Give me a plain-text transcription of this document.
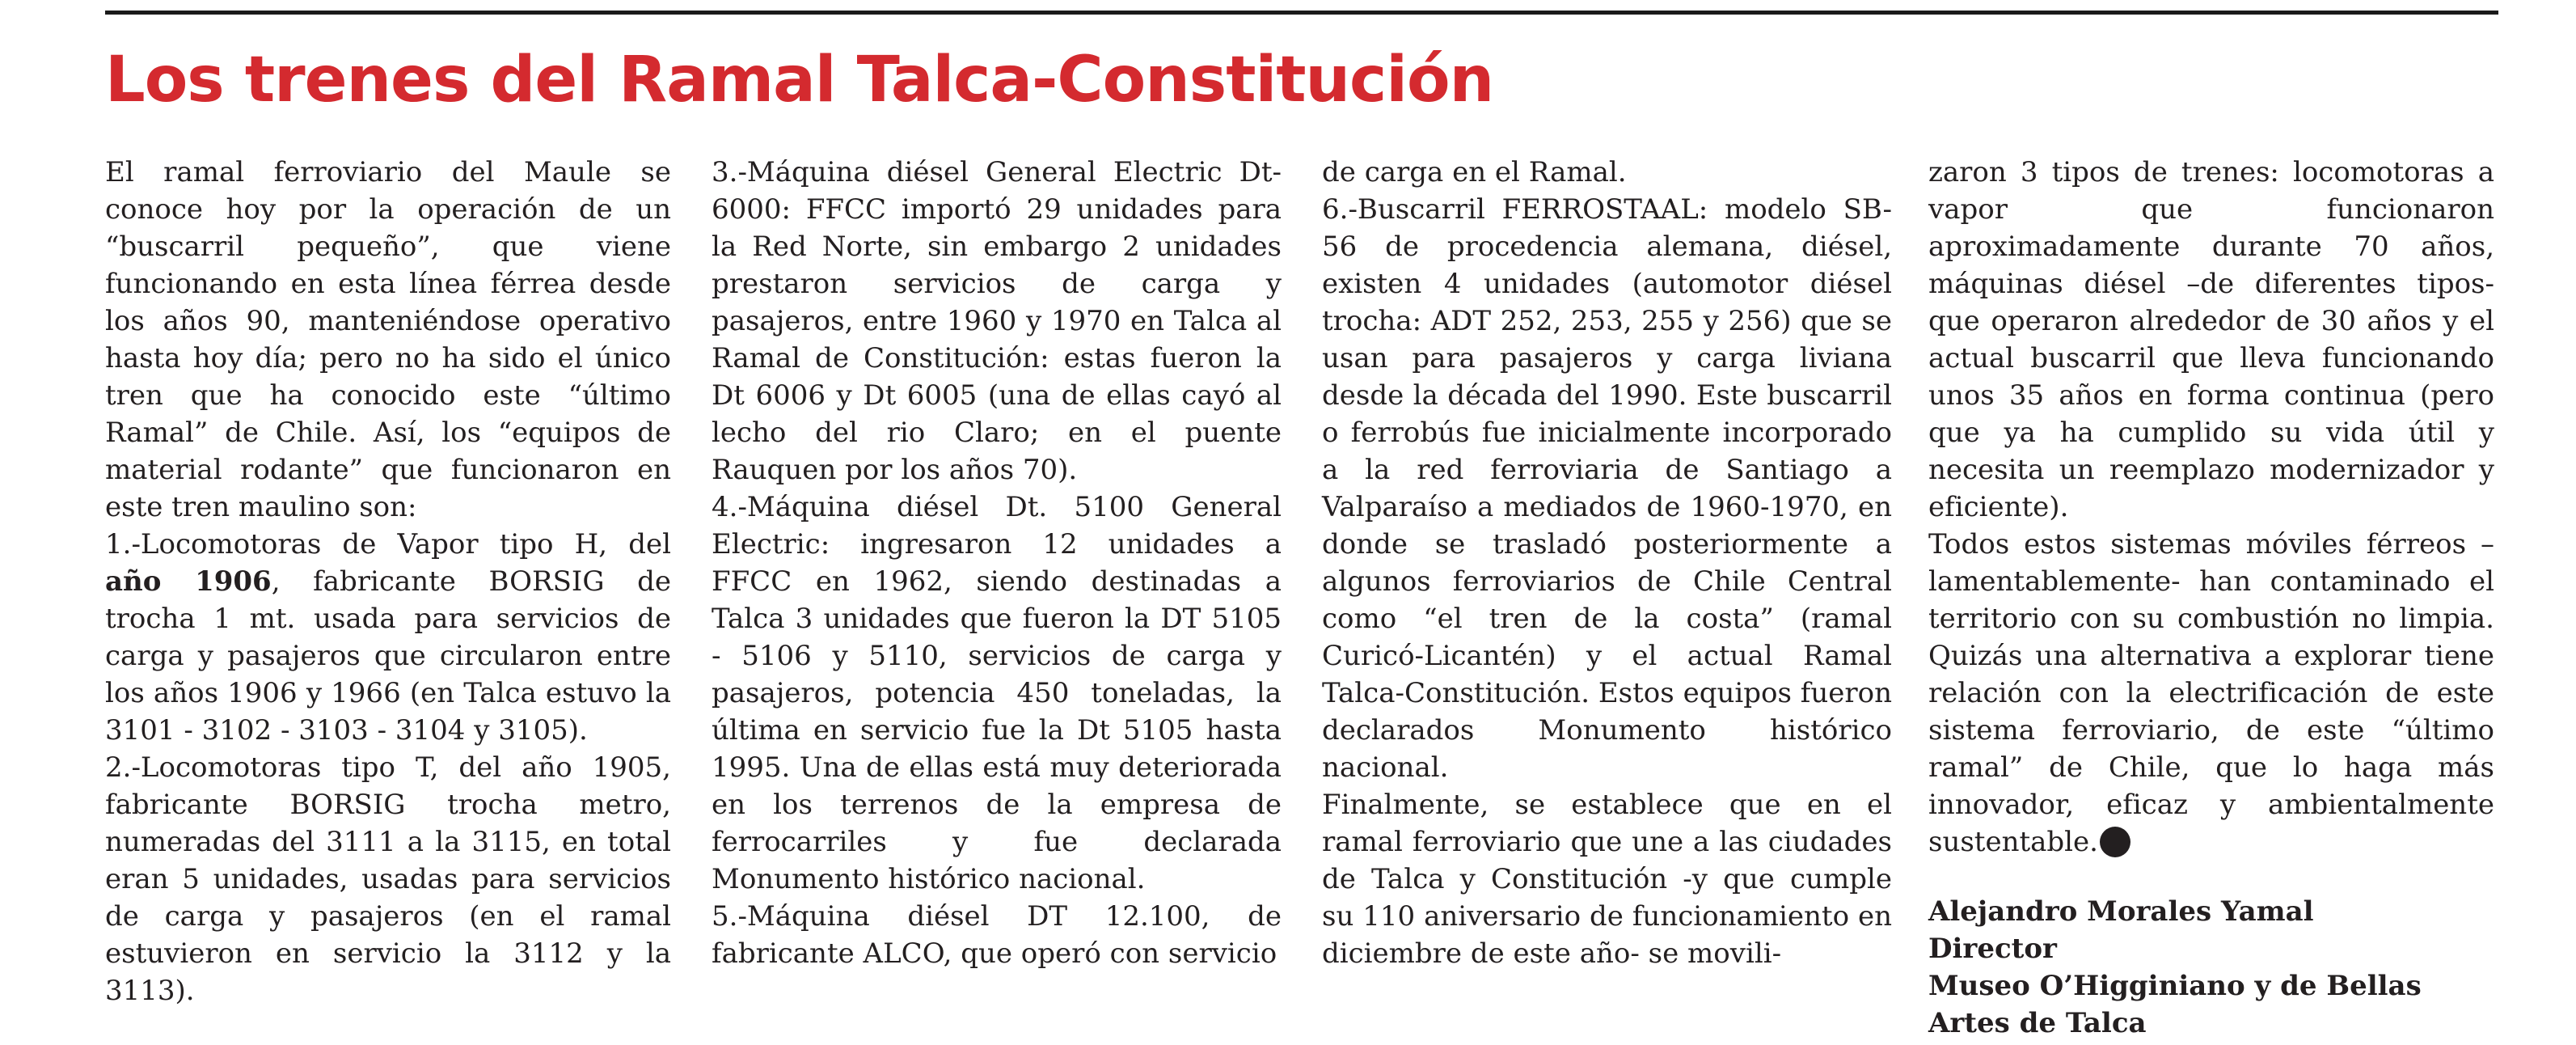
Los trenes del Ramal Talca-Constitución

El ramal ferroviario del Maule se conoce hoy por la operación de un “buscarril pequeño”, que viene funcionando en esta línea férrea desde los años 90, manteniéndose operativo hasta hoy día; pero no ha sido el único tren que ha conocido este “último Ramal” de Chile. Así, los “equipos de material rodante” que funcionaron en este tren maulino son:

1.-Locomotoras de Vapor tipo H, del año 1906, fabricante BORSIG de trocha 1 mt. usada para servicios de carga y pasajeros que circularon entre los años 1906 y 1966 (en Talca estuvo la 3101 - 3102 - 3103 - 3104 y 3105).

2.-Locomotoras tipo T, del año 1905, fabricante BORSIG trocha metro, numeradas del 3111 a la 3115, en total eran 5 unidades, usadas para servicios de carga y pasajeros (en el ramal estuvieron en servicio la 3112 y la 3113).

3.-Máquina diésel General Electric Dt- 6000: FFCC importó 29 unidades para la Red Norte, sin embargo 2 unidades prestaron servicios de carga y pasajeros, entre 1960 y 1970 en Talca al Ramal de Constitución: estas fueron la Dt 6006 y Dt 6005 (una de ellas cayó al lecho del rio Claro; en el puente Rauquen por los años 70).

4.-Máquina diésel Dt. 5100 General Electric: ingresaron 12 unidades a FFCC en 1962, siendo destinadas a Talca 3 unidades que fueron la DT 5105 - 5106 y 5110, servicios de carga y pasajeros, potencia 450 toneladas, la última en servicio fue la Dt 5105 hasta 1995. Una de ellas está muy deteriorada en los terrenos de la empresa de ferrocarriles y fue declarada Monumento histórico nacional.

5.-Máquina diésel DT 12.100, de fabricante ALCO, que operó con servicio

de carga en el Ramal.

6.-Buscarril FERROSTAAL: modelo SB-56 de procedencia alemana, diésel, existen 4 unidades (automotor diésel trocha: ADT 252, 253, 255 y 256) que se usan para pasajeros y carga liviana desde la década del 1990. Este buscarril o ferrobús fue inicialmente incorporado a la red ferroviaria de Santiago a Valparaíso a mediados de 1960-1970, en donde se trasladó posteriormente a algunos ferroviarios de Chile Central como “el tren de la costa” (ramal Curicó-Licantén) y el actual Ramal Talca-Constitución. Estos equipos fueron declarados Monumento histórico nacional.

Finalmente, se establece que en el ramal ferroviario que une a las ciudades de Talca y Constitución -y que cumple su 110 aniversario de funcionamiento en diciembre de este año- se movili-

zaron 3 tipos de trenes: locomotoras a vapor que funcionaron aproximadamente durante 70 años, máquinas diésel –de diferentes tipos- que operaron alrededor de 30 años y el actual buscarril que lleva funcionando unos 35 años en forma continua (pero que ya ha cumplido su vida útil y necesita un reemplazo modernizador y eficiente).

Todos estos sistemas móviles férreos –lamentablemente- han contaminado el territorio con su combustión no limpia. Quizás una alternativa a explorar tiene relación con la electrificación de este sistema ferroviario, de este “último ramal” de Chile, que lo haga más innovador, eficaz y ambientalmente sustentable.

Alejandro Morales Yamal
Director
Museo O’Higginiano y de Bellas Artes de Talca
